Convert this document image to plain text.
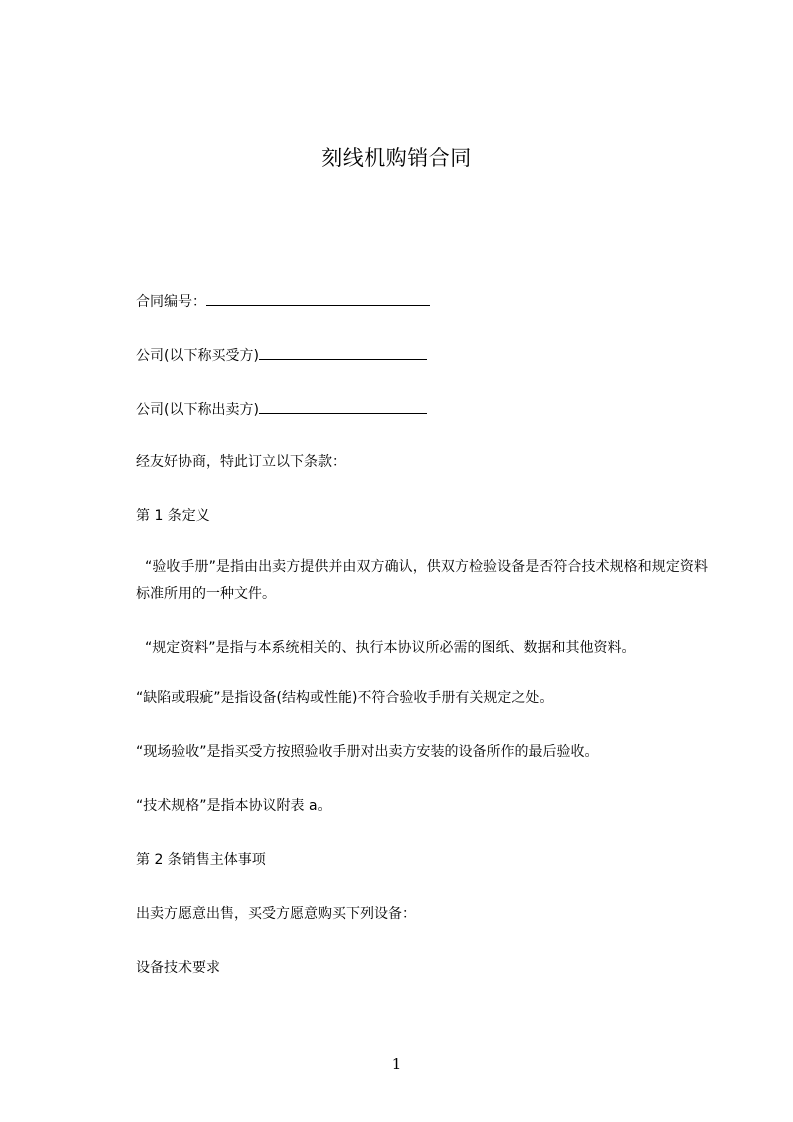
刻线机购销合同
合同编号：
公司(以下称买受方)
公司(以下称出卖方)
经友好协商，特此订立以下条款：
第 1 条定义
“验收手册”是指由出卖方提供并由双方确认，供双方检验设备是否符合技术规格和规定资料标准所用的一种文件。
“规定资料”是指与本系统相关的、执行本协议所必需的图纸、数据和其他资料。
“缺陷或瑕疵”是指设备(结构或性能)不符合验收手册有关规定之处。
“现场验收”是指买受方按照验收手册对出卖方安装的设备所作的最后验收。
“技术规格”是指本协议附表 a。
第 2 条销售主体事项
出卖方愿意出售，买受方愿意购买下列设备：
设备技术要求
1
